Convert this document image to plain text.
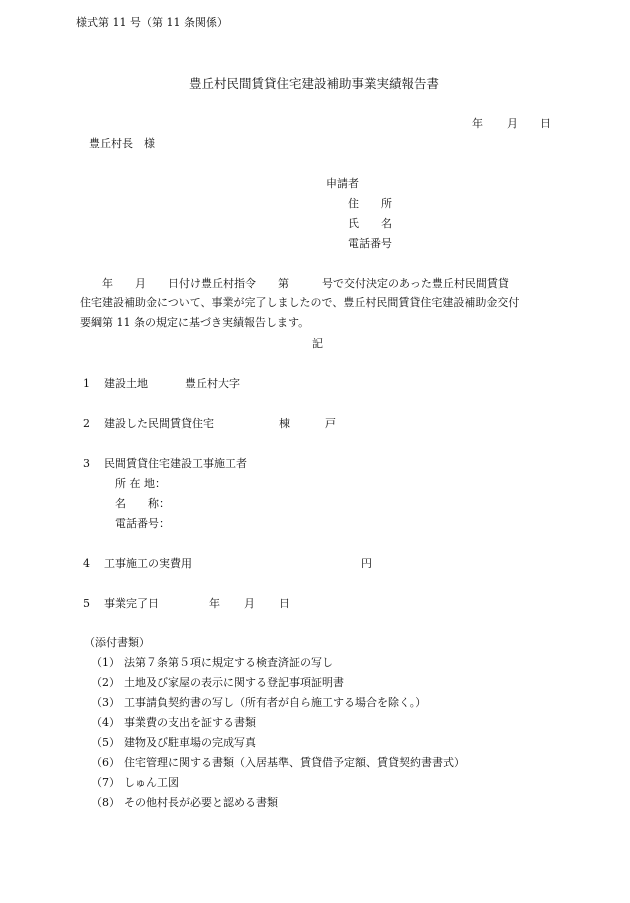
様式第 11 号（第 11 条関係）
豊丘村民間賃貸住宅建設補助事業実績報告書
年 月 日
豊丘村長　様
申請者
住　　所
氏　　名
電話番号
　　年　　月　　日付け豊丘村指令　　第　　　号で交付決定のあった豊丘村民間賃貸
住宅建設補助金について、事業が完了しましたので、豊丘村民間賃貸住宅建設補助金交付
要綱第 11 条の規定に基づき実績報告します。
記
1 建設土地	豊丘村大字
2 建設した民間賃貸住宅	棟	戸
3 民間賃貸住宅建設工事施工者
所 在 地：
名　　称：
電話番号：
4 工事施工の実費用	円
5 事業完了日	年 月 日
（添付書類）
（1） 法第７条第５項に規定する検査済証の写し
（2） 土地及び家屋の表示に関する登記事項証明書
（3） 工事請負契約書の写し（所有者が自ら施工する場合を除く。）
（4） 事業費の支出を証する書類
（5） 建物及び駐車場の完成写真
（6） 住宅管理に関する書類（入居基準、賃貸借予定額、賃貸契約書書式）
（7） しゅん工図
（8） その他村長が必要と認める書類
